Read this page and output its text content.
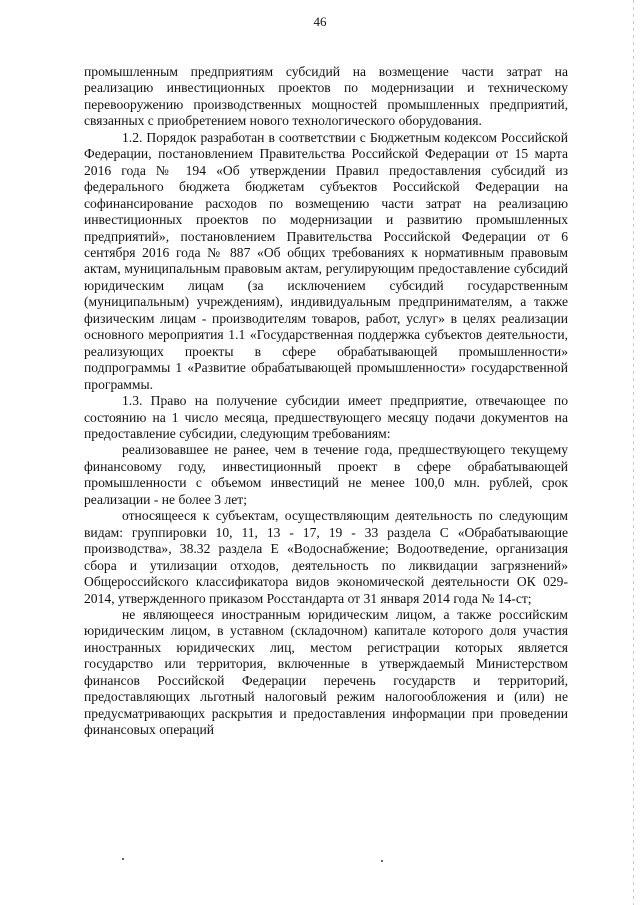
46

промышленным предприятиям субсидий на возмещение части затрат на реализацию инвестиционных проектов по модернизации и техническому перевооружению производственных мощностей промышленных предприятий, связанных с приобретением нового технологического оборудования.

1.2. Порядок разработан в соответствии с Бюджетным кодексом Российской Федерации, постановлением Правительства Российской Федерации от 15 марта 2016 года № 194 «Об утверждении Правил предоставления субсидий из федерального бюджета бюджетам субъектов Российской Федерации на софинансирование расходов по возмещению части затрат на реализацию инвестиционных проектов по модернизации и развитию промышленных предприятий», постановлением Правительства Российской Федерации от 6 сентября 2016 года № 887 «Об общих требованиях к нормативным правовым актам, муниципальным правовым актам, регулирующим предоставление субсидий юридическим лицам (за исключением субсидий государственным (муниципальным) учреждениям), индивидуальным предпринимателям, а также физическим лицам - производителям товаров, работ, услуг» в целях реализации основного мероприятия 1.1 «Государственная поддержка субъектов деятельности, реализующих проекты в сфере обрабатывающей промышленности» подпрограммы 1 «Развитие обрабатывающей промышленности» государственной программы.

1.3. Право на получение субсидии имеет предприятие, отвечающее по состоянию на 1 число месяца, предшествующего месяцу подачи документов на предоставление субсидии, следующим требованиям:

реализовавшее не ранее, чем в течение года, предшествующего текущему финансовому году, инвестиционный проект в сфере обрабатывающей промышленности с объемом инвестиций не менее 100,0 млн. рублей, срок реализации - не более 3 лет;

относящееся к субъектам, осуществляющим деятельность по следующим видам: группировки 10, 11, 13 - 17, 19 - 33 раздела С «Обрабатывающие производства», 38.32 раздела Е «Водоснабжение; Водоотведение, организация сбора и утилизации отходов, деятельность по ликвидации загрязнений» Общероссийского классификатора видов экономической деятельности ОК 029-2014, утвержденного приказом Росстандарта от 31 января 2014 года № 14-ст;

не являющееся иностранным юридическим лицом, а также российским юридическим лицом, в уставном (складочном) капитале которого доля участия иностранных юридических лиц, местом регистрации которых является государство или территория, включенные в утверждаемый Министерством финансов Российской Федерации перечень государств и территорий, предоставляющих льготный налоговый режим налогообложения и (или) не предусматривающих раскрытия и предоставления информации при проведении финансовых операций
